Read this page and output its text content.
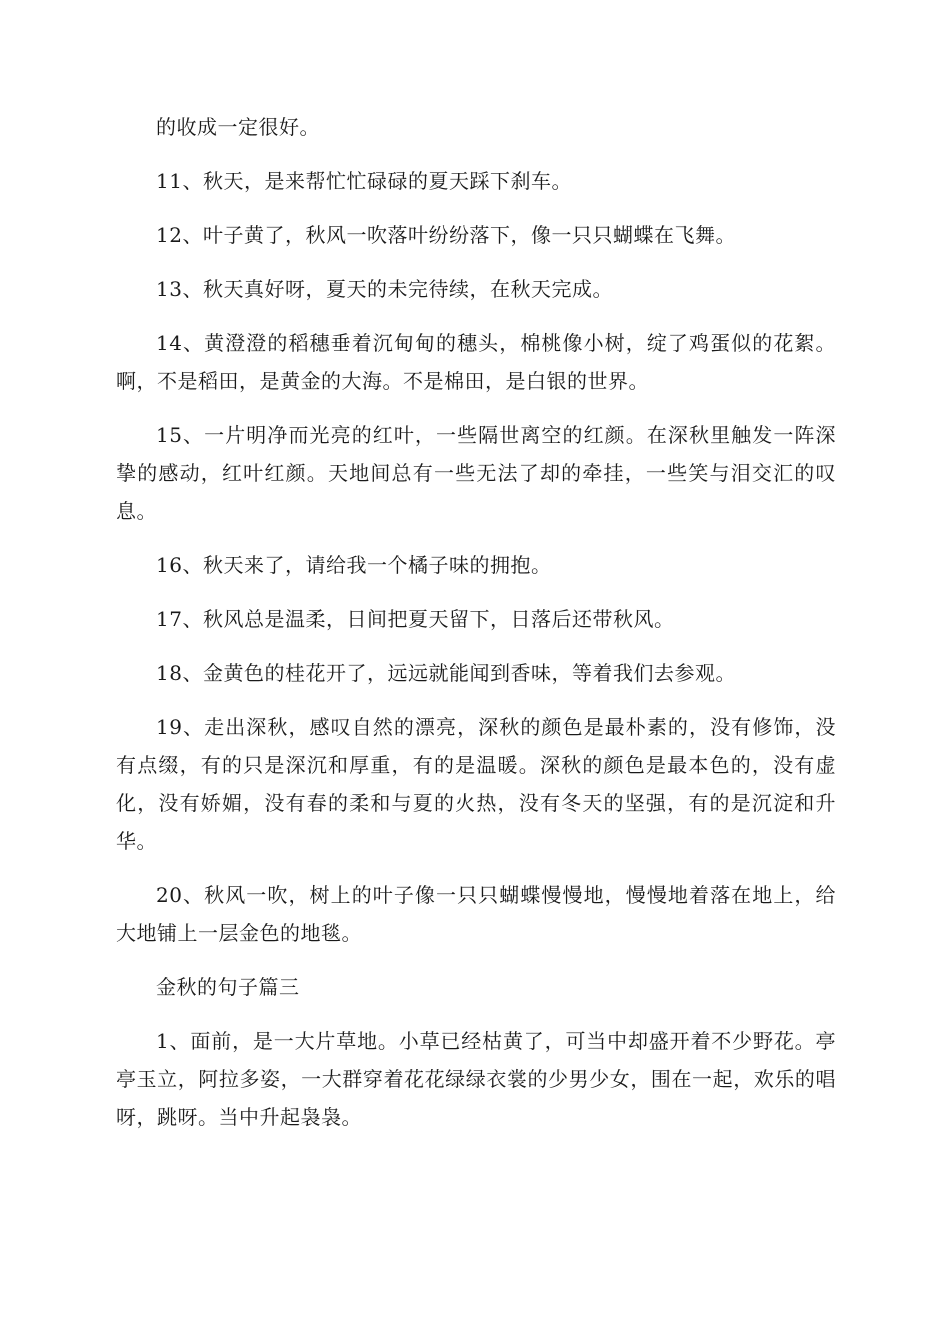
的收成一定很好。

11、秋天，是来帮忙忙碌碌的夏天踩下刹车。

12、叶子黄了，秋风一吹落叶纷纷落下，像一只只蝴蝶在飞舞。

13、秋天真好呀，夏天的未完待续，在秋天完成。

14、黄澄澄的稻穗垂着沉甸甸的穗头，棉桃像小树，绽了鸡蛋似的花絮。啊，不是稻田，是黄金的大海。不是棉田，是白银的世界。

15、一片明净而光亮的红叶，一些隔世离空的红颜。在深秋里触发一阵深挚的感动，红叶红颜。天地间总有一些无法了却的牵挂，一些笑与泪交汇的叹息。

16、秋天来了，请给我一个橘子味的拥抱。

17、秋风总是温柔，日间把夏天留下，日落后还带秋风。

18、金黄色的桂花开了，远远就能闻到香味，等着我们去参观。

19、走出深秋，感叹自然的漂亮，深秋的颜色是最朴素的，没有修饰，没有点缀，有的只是深沉和厚重，有的是温暖。深秋的颜色是最本色的，没有虚化，没有娇媚，没有春的柔和与夏的火热，没有冬天的坚强，有的是沉淀和升华。

20、秋风一吹，树上的叶子像一只只蝴蝶慢慢地，慢慢地着落在地上，给大地铺上一层金色的地毯。

金秋的句子篇三

1、面前，是一大片草地。小草已经枯黄了，可当中却盛开着不少野花。亭亭玉立，阿拉多姿，一大群穿着花花绿绿衣裳的少男少女，围在一起，欢乐的唱呀，跳呀。当中升起袅袅。
